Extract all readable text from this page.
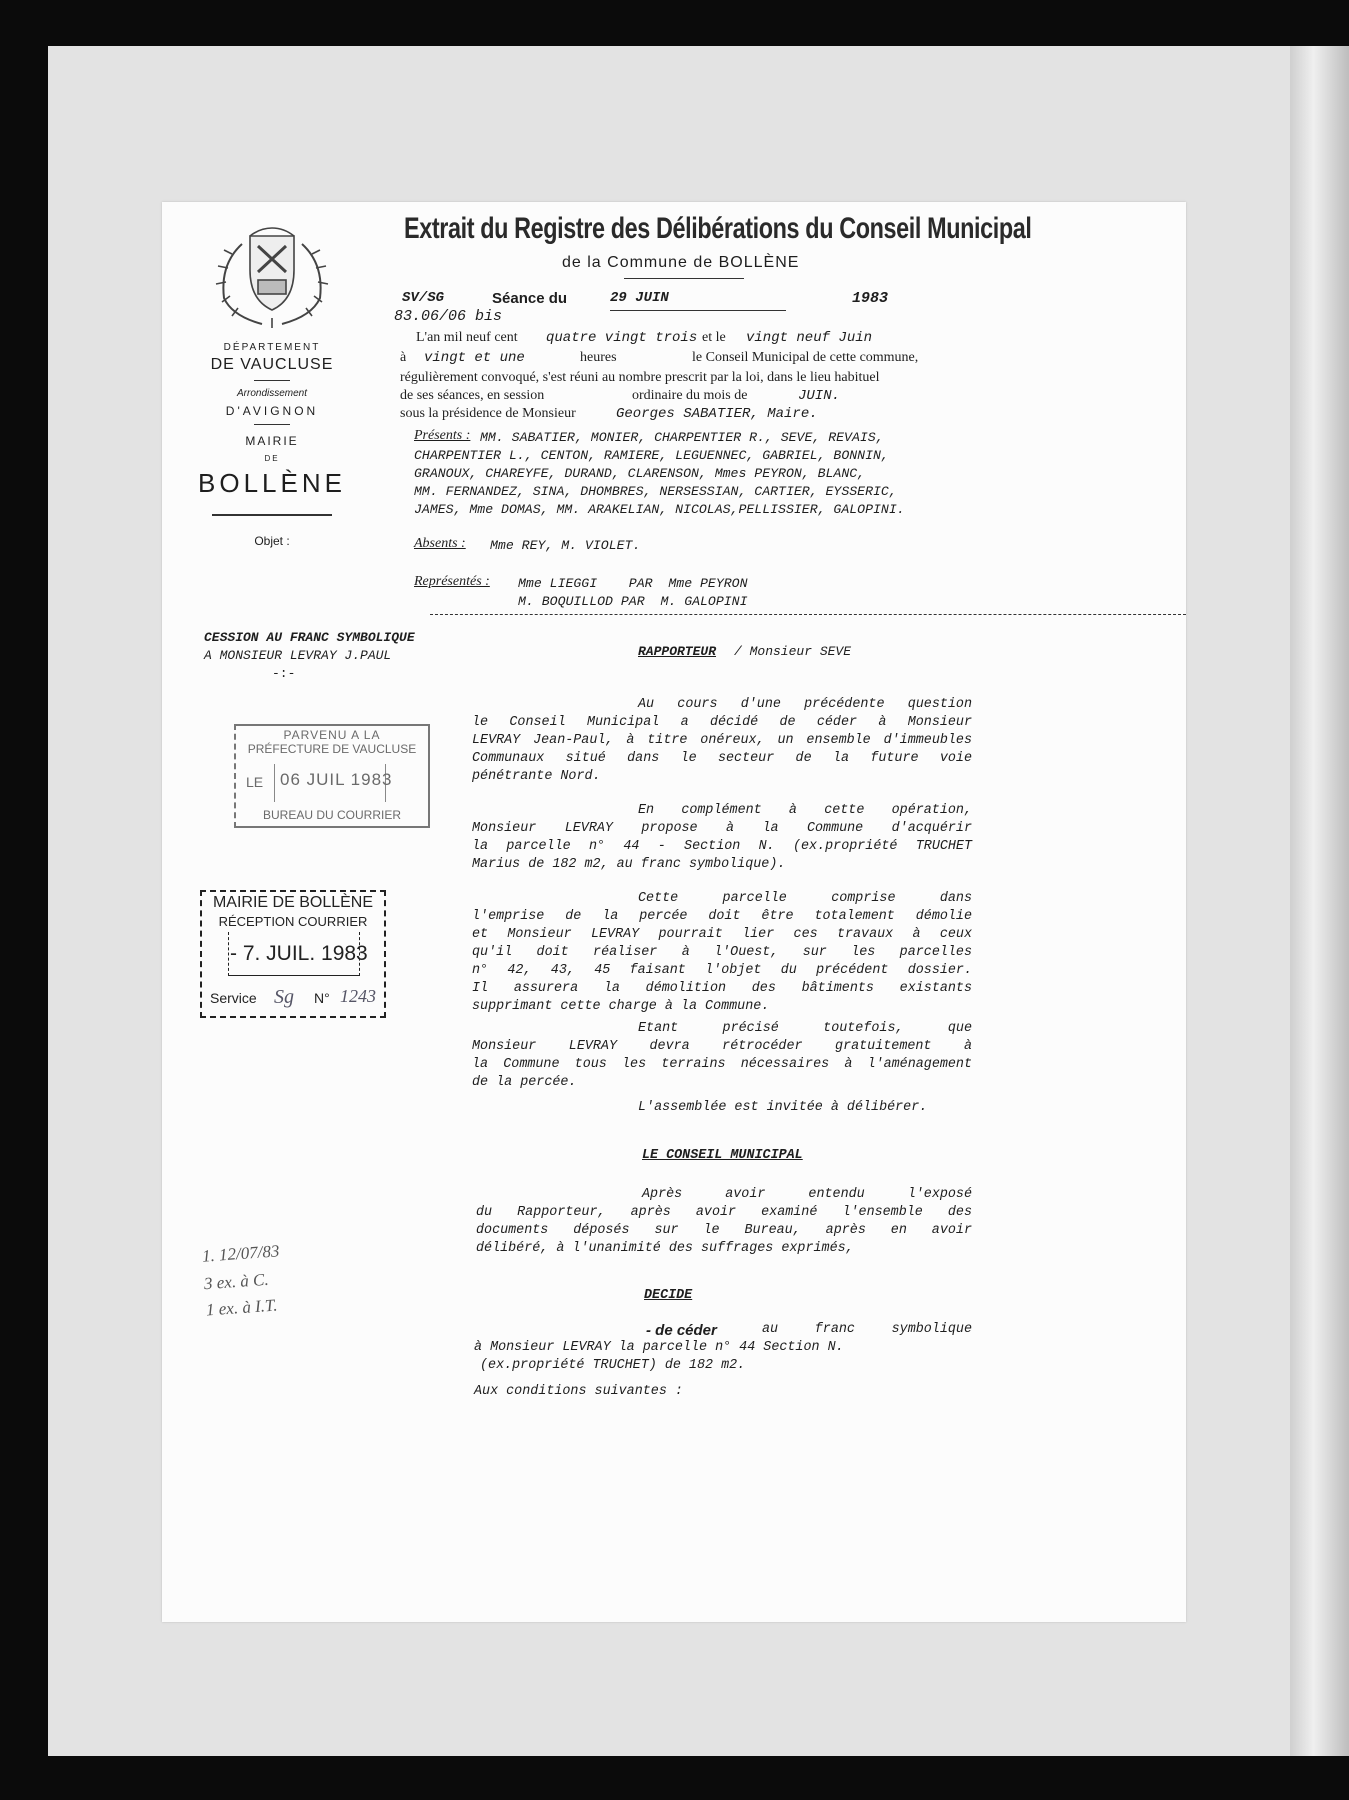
DÉPARTEMENT
DE VAUCLUSE
Arrondissement
D'AVIGNON
MAIRIE
DE
BOLLÈNE
Objet :
Extrait du Registre des Délibérations du Conseil Municipal
de la Commune de BOLLÈNE
SV/SG	Séance du	29 JUIN	1983
83.06/06 bis
L'an mil neuf cent quatre vingt trois et le vingt neuf Juin
à vingt et une	heures	le Conseil Municipal de cette commune,
régulièrement convoqué, s'est réuni au nombre prescrit par la loi, dans le lieu habituel
de ses séances, en session	ordinaire du mois de	JUIN.
sous la présidence de Monsieur	Georges SABATIER, Maire.
Présents : MM. SABATIER, MONIER, CHARPENTIER R., SEVE, REVAIS,
CHARPENTIER L., CENTON, RAMIERE, LEGUENNEC, GABRIEL, BONNIN,
GRANOUX, CHAREYFE, DURAND, CLARENSON, Mmes PEYRON, BLANC,
MM. FERNANDEZ, SINA, DHOMBRES, NERSESSIAN, CARTIER, EYSSERIC,
JAMES, Mme DOMAS, MM. ARAKELIAN, NICOLAS,PELLISSIER, GALOPINI.
Absents : Mme REY, M. VIOLET.
Représentés : Mme LIEGGI    PAR  Mme PEYRON
M. BOQUILLOD PAR  M. GALOPINI
CESSION AU FRANC SYMBOLIQUE
A MONSIEUR LEVRAY J.PAUL
-:-
RAPPORTEUR / Monsieur SEVE
Au cours d'une précédente question
le Conseil Municipal a décidé de céder à Monsieur
LEVRAY Jean-Paul, à titre onéreux, un ensemble d'immeubles
Communaux situé dans le secteur de la future voie
pénétrante Nord.
En complément à cette opération,
Monsieur LEVRAY propose à la Commune d'acquérir
la parcelle n° 44 - Section N. (ex.propriété TRUCHET
Marius de 182 m2, au franc symbolique).
Cette parcelle comprise dans
l'emprise de la percée doit être totalement démolie
et Monsieur LEVRAY pourrait lier ces travaux à ceux
qu'il doit réaliser à l'Ouest, sur les parcelles
n° 42, 43, 45 faisant l'objet du précédent dossier.
Il assurera la démolition des bâtiments existants
supprimant cette charge à la Commune.
Etant précisé toutefois, que
Monsieur LEVRAY devra rétrocéder gratuitement à
la Commune tous les terrains nécessaires à l'aménagement
de la percée.
L'assemblée est invitée à délibérer.
LE CONSEIL MUNICIPAL
Après avoir entendu l'exposé
du Rapporteur, après avoir examiné l'ensemble des
documents déposés sur le Bureau, après en avoir
délibéré, à l'unanimité des suffrages exprimés,
DECIDE
- de céder	au franc symbolique
à Monsieur LEVRAY la parcelle n° 44 Section N.
(ex.propriété TRUCHET) de 182 m2.
Aux conditions suivantes :
PARVENU A LA
PRÉFECTURE DE VAUCLUSE
LE 06 JUIL 1983
BUREAU DU COURRIER
MAIRIE DE BOLLÈNE
RÉCEPTION COURRIER
- 7. JUIL. 1983
Service Sg N° 1243
1. 12/07/83
3 ex. à C.
1 ex. à I.T.
